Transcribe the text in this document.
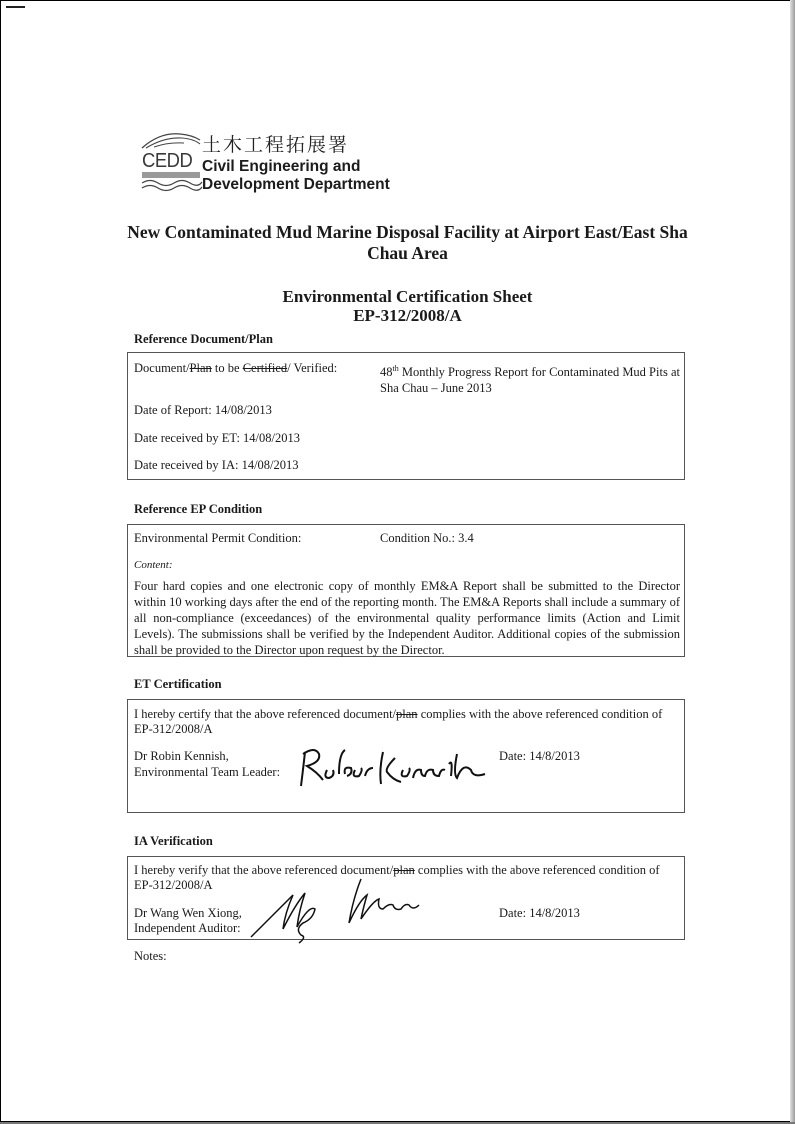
CEDD
土木工程拓展署
Civil Engineering and
Development Department
New Contaminated Mud Marine Disposal Facility at Airport East/East Sha
Chau Area
Environmental Certification Sheet
EP-312/2008/A
Reference Document/Plan
Document/Plan to be Certified/ Verified:	48th Monthly Progress Report for Contaminated Mud Pits at
Sha Chau – June 2013
Date of Report: 14/08/2013
Date received by ET: 14/08/2013
Date received by IA: 14/08/2013
Reference EP Condition
Environmental Permit Condition:	Condition No.: 3.4
Content:
Four hard copies and one electronic copy of monthly EM&A Report shall be submitted to the Director within 10 working days after the end of the reporting month. The EM&A Reports shall include a summary of all non-compliance (exceedances) of the environmental quality performance limits (Action and Limit Levels). The submissions shall be verified by the Independent Auditor. Additional copies of the submission shall be provided to the Director upon request by the Director.
ET Certification
I hereby certify that the above referenced document/plan complies with the above referenced condition of
EP-312/2008/A
Dr Robin Kennish,
Environmental Team Leader:
Date: 14/8/2013
IA Verification
I hereby verify that the above referenced document/plan complies with the above referenced condition of
EP-312/2008/A
Dr Wang Wen Xiong,
Independent Auditor:
Date: 14/8/2013
Notes:
